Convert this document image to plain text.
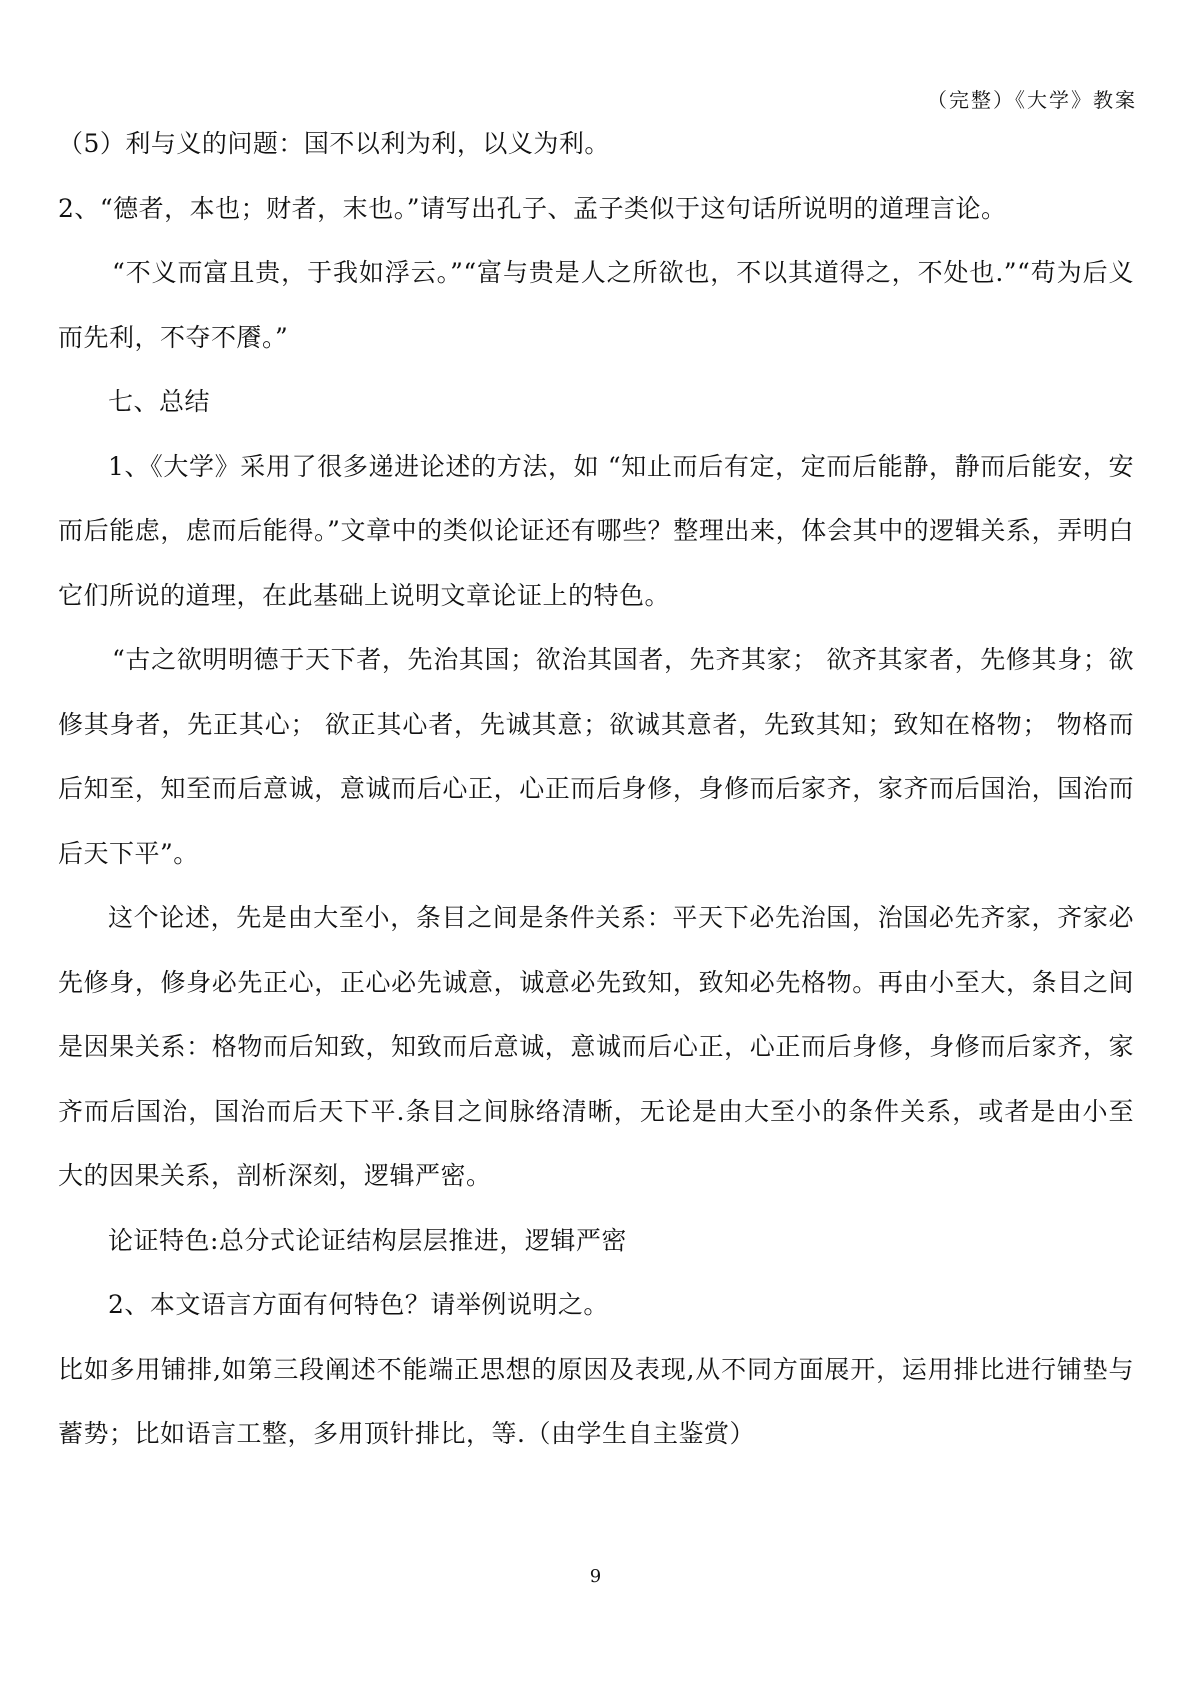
（完整）《大学》教案

（5）利与义的问题：国不以利为利，以义为利。

2、“德者，本也；财者，末也。”请写出孔子、孟子类似于这句话所说明的道理言论。

“不义而富且贵，于我如浮云。”“富与贵是人之所欲也，不以其道得之，不处也.”“苟为后义而先利，不夺不餍。”

七、总结

1、《大学》采用了很多递进论述的方法，如 “知止而后有定，定而后能静，静而后能安，安而后能虑，虑而后能得。”文章中的类似论证还有哪些？整理出来，体会其中的逻辑关系，弄明白它们所说的道理，在此基础上说明文章论证上的特色。

“古之欲明明德于天下者，先治其国；欲治其国者，先齐其家； 欲齐其家者，先修其身；欲修其身者，先正其心； 欲正其心者，先诚其意；欲诚其意者，先致其知；致知在格物； 物格而后知至，知至而后意诚，意诚而后心正，心正而后身修，身修而后家齐，家齐而后国治，国治而后天下平”。

这个论述，先是由大至小，条目之间是条件关系：平天下必先治国，治国必先齐家，齐家必先修身，修身必先正心，正心必先诚意，诚意必先致知，致知必先格物。再由小至大，条目之间是因果关系：格物而后知致，知致而后意诚，意诚而后心正，心正而后身修，身修而后家齐，家齐而后国治，国治而后天下平.条目之间脉络清晰，无论是由大至小的条件关系，或者是由小至大的因果关系，剖析深刻，逻辑严密。

论证特色:总分式论证结构层层推进，逻辑严密

2、本文语言方面有何特色？请举例说明之。

比如多用铺排,如第三段阐述不能端正思想的原因及表现,从不同方面展开，运用排比进行铺垫与蓄势；比如语言工整，多用顶针排比，等.（由学生自主鉴赏）

9
